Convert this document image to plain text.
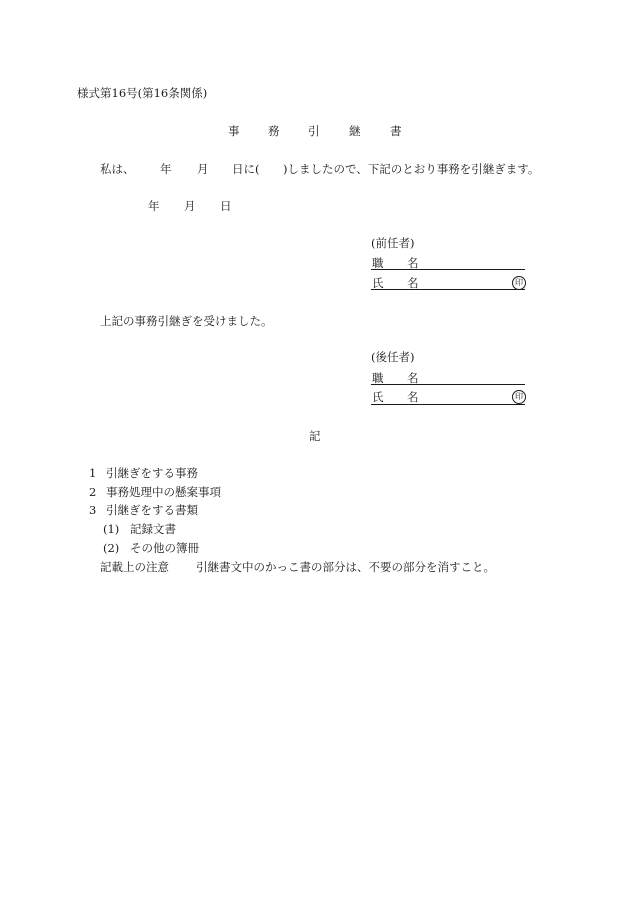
様式第16号(第16条関係)
事 務 引	継	書
私は、 年 月 日に( )しましたので、下記のとおり事務を引継ぎます。
年 月 日
(前任者)
職 名
氏 名	印
上記の事務引継ぎを受けました。
(後任者)
職 名
氏 名	印
記
1 引継ぎをする事務
2 事務処理中の懸案事項
3 引継ぎをする書類
(1) 記録文書
(2) その他の簿冊
記載上の注意 引継書文中のかっこ書の部分は、不要の部分を消すこと。
